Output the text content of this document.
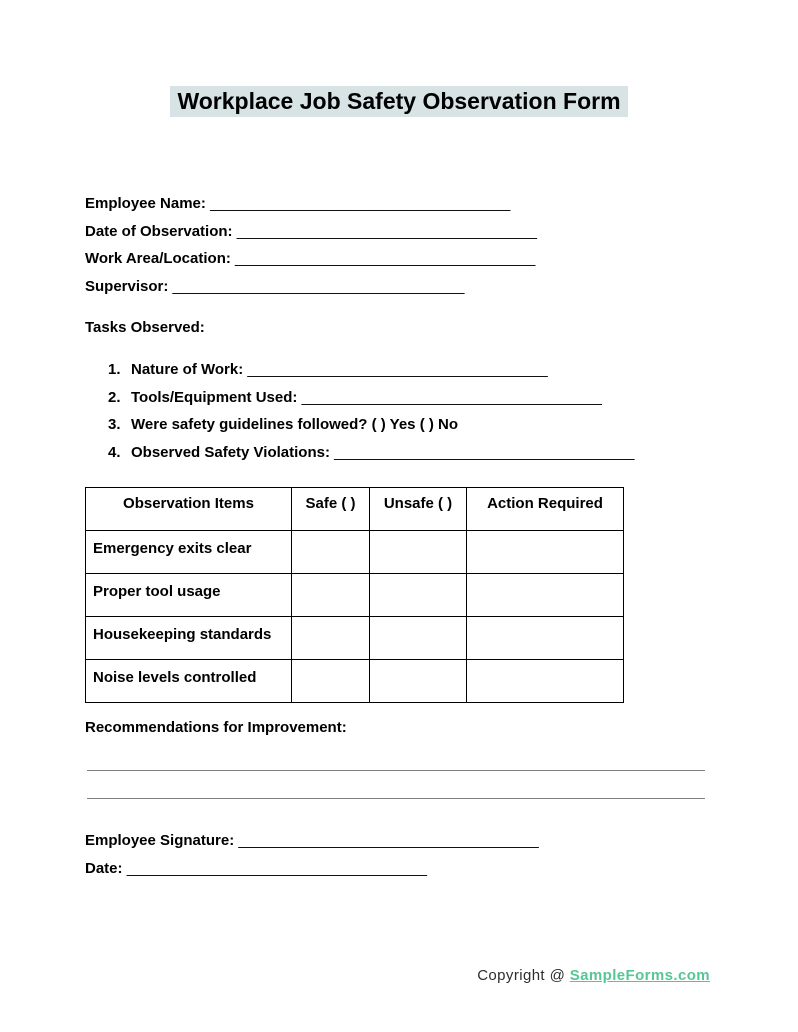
Workplace Job Safety Observation Form
Employee Name: ____________________________________
Date of Observation: ____________________________________
Work Area/Location: ____________________________________
Supervisor: ___________________________________
Tasks Observed:
1. Nature of Work: ____________________________________
2. Tools/Equipment Used: ____________________________________
3. Were safety guidelines followed? ( ) Yes ( ) No
4. Observed Safety Violations: ____________________________________
Observation Items	Safe ( )	Unsafe ( )	Action Required
Emergency exits clear			
Proper tool usage			
Housekeeping standards			
Noise levels controlled			
Recommendations for Improvement:
Employee Signature: ____________________________________
Date: ____________________________________
Copyright @ SampleForms.com
